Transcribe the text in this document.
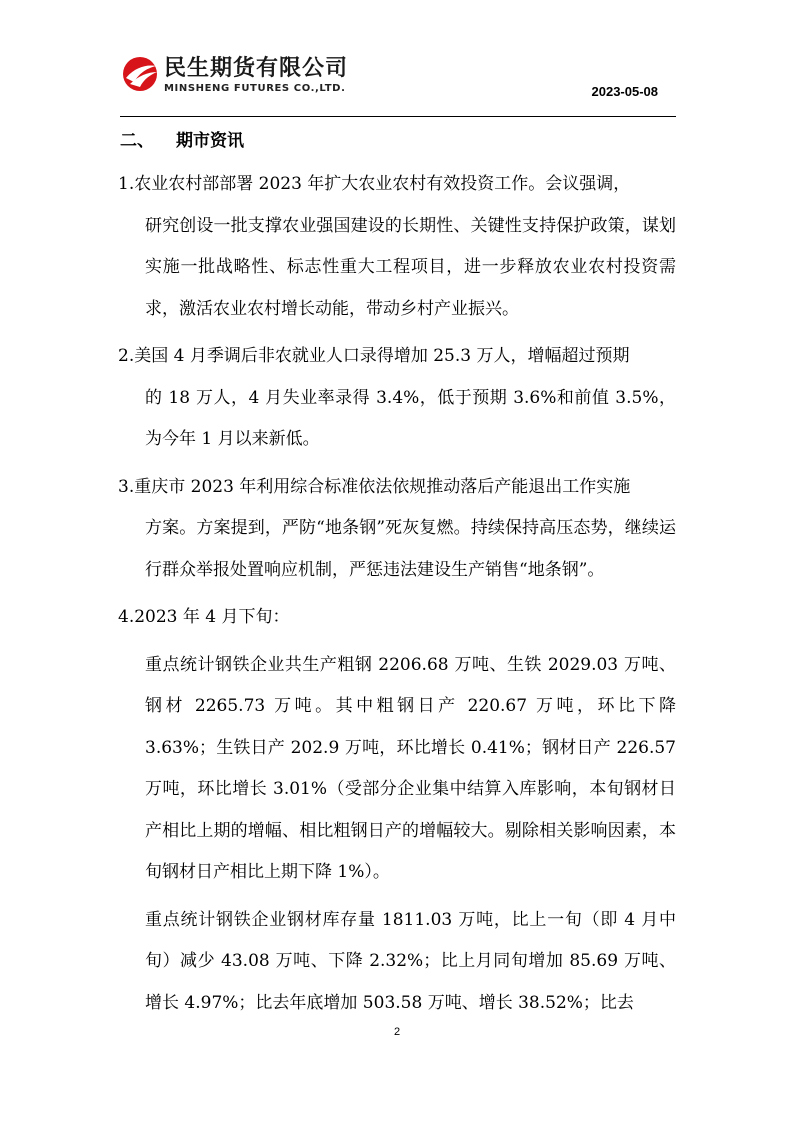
民生期货有限公司
MINSHENG FUTURES CO.,LTD.	2023-05-08
二、 期市资讯
1.农业农村部部署 2023 年扩大农业农村有效投资工作。会议强调，
研究创设一批支撑农业强国建设的长期性、关键性支持保护政策，谋划实施一批战略性、标志性重大工程项目，进一步释放农业农村投资需求，激活农业农村增长动能，带动乡村产业振兴。
2.美国 4 月季调后非农就业人口录得增加 25.3 万人，增幅超过预期
的 18 万人，4 月失业率录得 3.4%，低于预期 3.6%和前值 3.5%，为今年 1 月以来新低。
3.重庆市 2023 年利用综合标准依法依规推动落后产能退出工作实施
方案。方案提到，严防“地条钢”死灰复燃。持续保持高压态势，继续运行群众举报处置响应机制，严惩违法建设生产销售“地条钢”。
4.2023 年 4 月下旬：

重点统计钢铁企业共生产粗钢 2206.68 万吨、生铁 2029.03 万吨、钢材 2265.73 万吨。其中粗钢日产 220.67 万吨，环比下降 3.63%；生铁日产 202.9 万吨，环比增长 0.41%；钢材日产 226.57 万吨，环比增长 3.01%（受部分企业集中结算入库影响，本旬钢材日产相比上期的增幅、相比粗钢日产的增幅较大。剔除相关影响因素，本旬钢材日产相比上期下降 1%）。

重点统计钢铁企业钢材库存量 1811.03 万吨，比上一旬（即 4 月中旬）减少 43.08 万吨、下降 2.32%；比上月同旬增加 85.69 万吨、增长 4.97%；比去年底增加 503.58 万吨、增长 38.52%；比去

2
